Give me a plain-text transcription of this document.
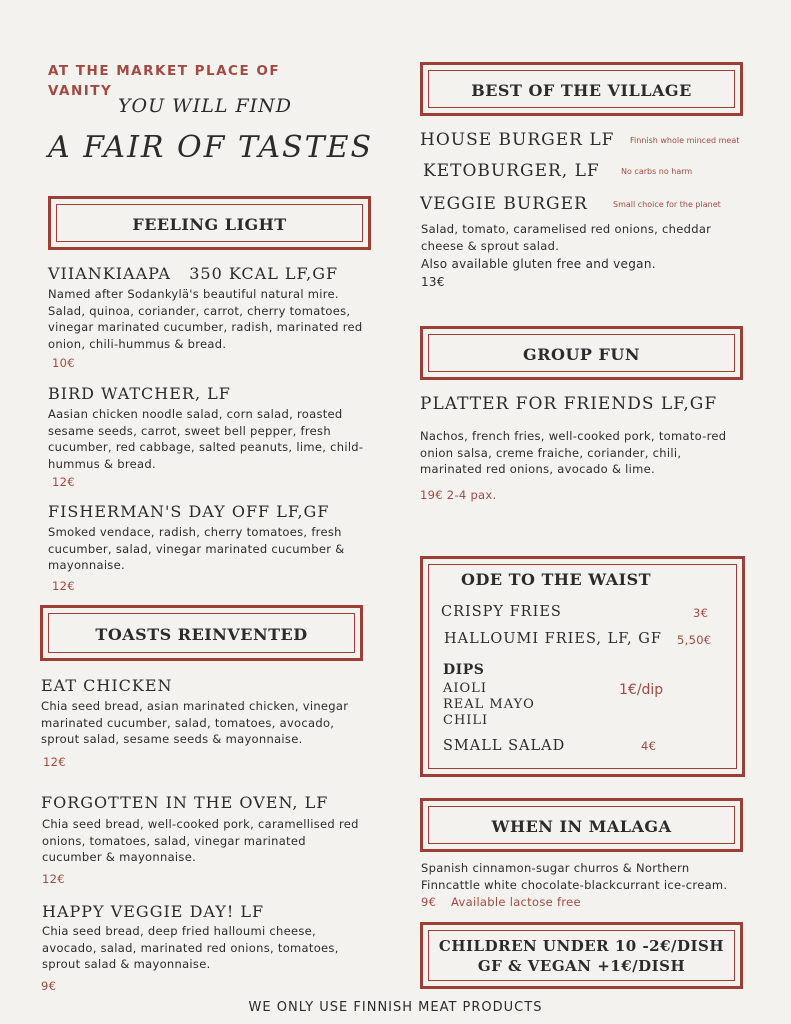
AT THE MARKET PLACE OF
VANITY
YOU WILL FIND
A FAIR OF TASTES
FEELING LIGHT
VIIANKIAAPA   350 KCAL LF,GF
Named after Sodankylä's beautiful natural mire. Salad, quinoa, coriander, carrot, cherry tomatoes, vinegar marinated cucumber, radish, marinated red onion, chili-hummus & bread.
10€
BIRD WATCHER, LF
Aasian chicken noodle salad, corn salad, roasted sesame seeds, carrot, sweet bell pepper, fresh cucumber, red cabbage, salted peanuts, lime, child-hummus & bread.
12€
FISHERMAN'S DAY OFF LF,GF
Smoked vendace, radish, cherry tomatoes, fresh cucumber, salad, vinegar marinated cucumber & mayonnaise.
12€
TOASTS REINVENTED
EAT CHICKEN
Chia seed bread, asian marinated chicken, vinegar marinated cucumber, salad, tomatoes, avocado, sprout salad, sesame seeds & mayonnaise.
12€
FORGOTTEN IN THE OVEN, LF
Chia seed bread, well-cooked pork, caramellised red onions, tomatoes, salad, vinegar marinated cucumber & mayonnaise.
12€
HAPPY VEGGIE DAY! LF
Chia seed bread, deep fried halloumi cheese, avocado, salad, marinated red onions, tomatoes, sprout salad & mayonnaise.
9€
BEST OF THE VILLAGE
HOUSE BURGER LF Finnish whole minced meat
KETOBURGER, LF	No carbs no harm
VEGGIE BURGER	Small choice for the planet
Salad, tomato, caramelised red onions, cheddar cheese & sprout salad.
Also available gluten free and vegan.
13€
GROUP FUN
PLATTER FOR FRIENDS LF,GF
Nachos, french fries, well-cooked pork, tomato-red onion salsa, creme fraiche, coriander, chili, marinated red onions, avocado & lime.
19€ 2-4 pax.
ODE TO THE WAIST
CRISPY FRIES	3€
HALLOUMI FRIES, LF, GF 5,50€
DIPS
AIOLI
REAL MAYO
CHILI
1€/dip
SMALL SALAD	4€
WHEN IN MALAGA
Spanish cinnamon-sugar churros & Northern Finncattle white chocolate-blackcurrant ice-cream.
9€ Available lactose free
CHILDREN UNDER 10 -2€/DISH
GF & VEGAN +1€/DISH
WE ONLY USE FINNISH MEAT PRODUCTS
